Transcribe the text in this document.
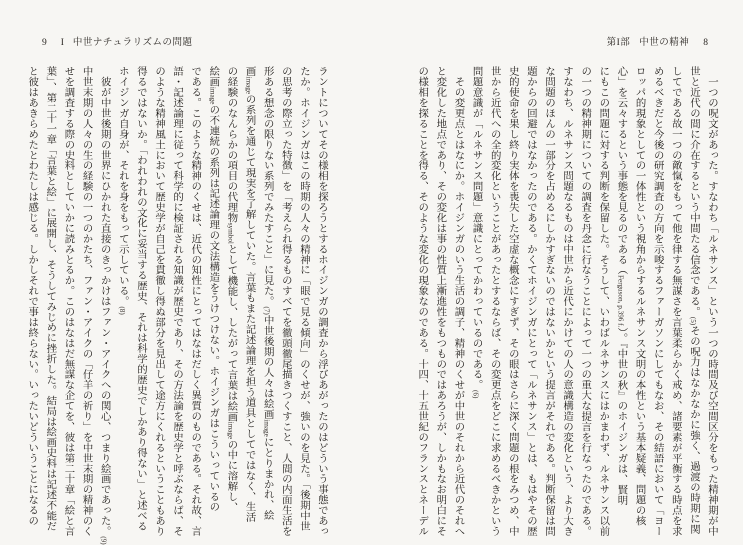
第I部 中世の精神 8
　一つの呪文があった。すなわち「ルネサンス」という一つの時間及び空間区分をもった精神期が中
世と近代の間に介在するという中間たる信念である。(5)その呪力はなかなかに強く、過渡の時期に関
してである故一つの敵愾をもって他を律する無謀さを言葉柔らかく戒め、諸要素が平衡する時点を求
めるべきだと今後の研究調査の方向を示唆するファーガソンにしてもなお、その結語において「ヨー
ロッパ的現象としての一体性という視角からするルネサンス文明の本性という基本疑義、問題の核
心」を云々するという事態を見るのである（Ferguson, p.396 f.）。『中世の秋』のホイジンガは、賢明
にもこの問題に対する判断を保留した。そうして、いわばルネサンスにはかまわず、ルネサンス以前
の一つの精神期についての調査を丹念に行なうことによって一つの重大な提言を行なったのである。
すなわち、ルネサンス問題なるものは中世から近代にかけての人の意識構造の変化という、より大き
な問題のほんの一部分を占めるにしかすぎないのではないかという提言がそれである。判断保留は問
題からの回避ではなかったのである。かくてホイジンガにとって「ルネサンス」とは、もはやその歴
史的使命を果し終り実体を喪失した空虚な概念にすぎず、その眼はさらに深く問題の根をみつめ、中
世から近代への全的変化ということがあったとするならば、その変更点をどこに求めるべきかという
問題意識が「ルネサンス問題」意識にとってかわっているのである。(6)
　その変更点とはなにか。ホイジンガのいう生活の調子、精神のくせが中世のそれから近代のそれへ
と変化した地点であり、その変化は事の性質上漸進性をもつものではあろうが、しかもなお明白にそ
の様相を探ることを得る、そのような変化の現象なのである。十四、十五世紀のフランスとネーデル
9 I 中世ナチュラリズムの問題
ラントについてその様相を探ろうとするホイジンガの調査から浮びあがったのはどういう事態であっ
たか。ホイジンガはこの時期の人々の精神に「眼で見る傾向」のくせが、強いのを見た。「後期中世
の思考の際立った特徴」を「考えられ得るものすべてを徹頭徹尾描きつくすこと、人間の内面生活を
形ある想念の限りない系列でみたすこと」に見た。(7)中世後期の人々は絵画imageにとりまかれ、絵
画imageの系列を通じて現実を了解していた。言葉もまた記述論理を担う道具としてではなく、生活
の経験のなんらかの項目の代理物symbolとして機能し、したがって言葉は絵画imageの中に溶解し、
絵画imageの不連続の系列は記述論理の文法構造をうけつけない。ホイジンガはこういっているの
である。このような精神のくせは、近代の知性にとってはなはだしく異質のものである。それ故、言
語・記述論理に従って科学的に検証される知識が歴史であり、その方法論を歴史学と呼ぶならば、そ
のような精神風土において歴史学が自己を貫徹し得ぬ部分を見出して途方にくれるということもあり
得るではないか。「われわれの文化に妥当する歴史、それは科学的歴史でしかあり得ない」と述べる
ホイジンガ自身が、それを身をもって示している。(8)
　彼が中世後期の世界にひかれた直接のきっかけはファン・アイクへの関心、つまり絵画であった。(9)
中世末期の人々の生の経験の一つのかたち、ファン・アイクの「仔羊の祈り」を中世末期の精神のく
せを調査する際の史料としていかに読みとるか。このはなはだ無謀な企てを、彼は第二十章「絵と言
葉」、第二十一章「言葉と絵」に展開し、そうしてみじめに挫折した。結局は絵画史料は記述不能だ
と彼はあきらめたとわたしは感じる。しかしそれで事は終らない。いったいどういうことになるの
